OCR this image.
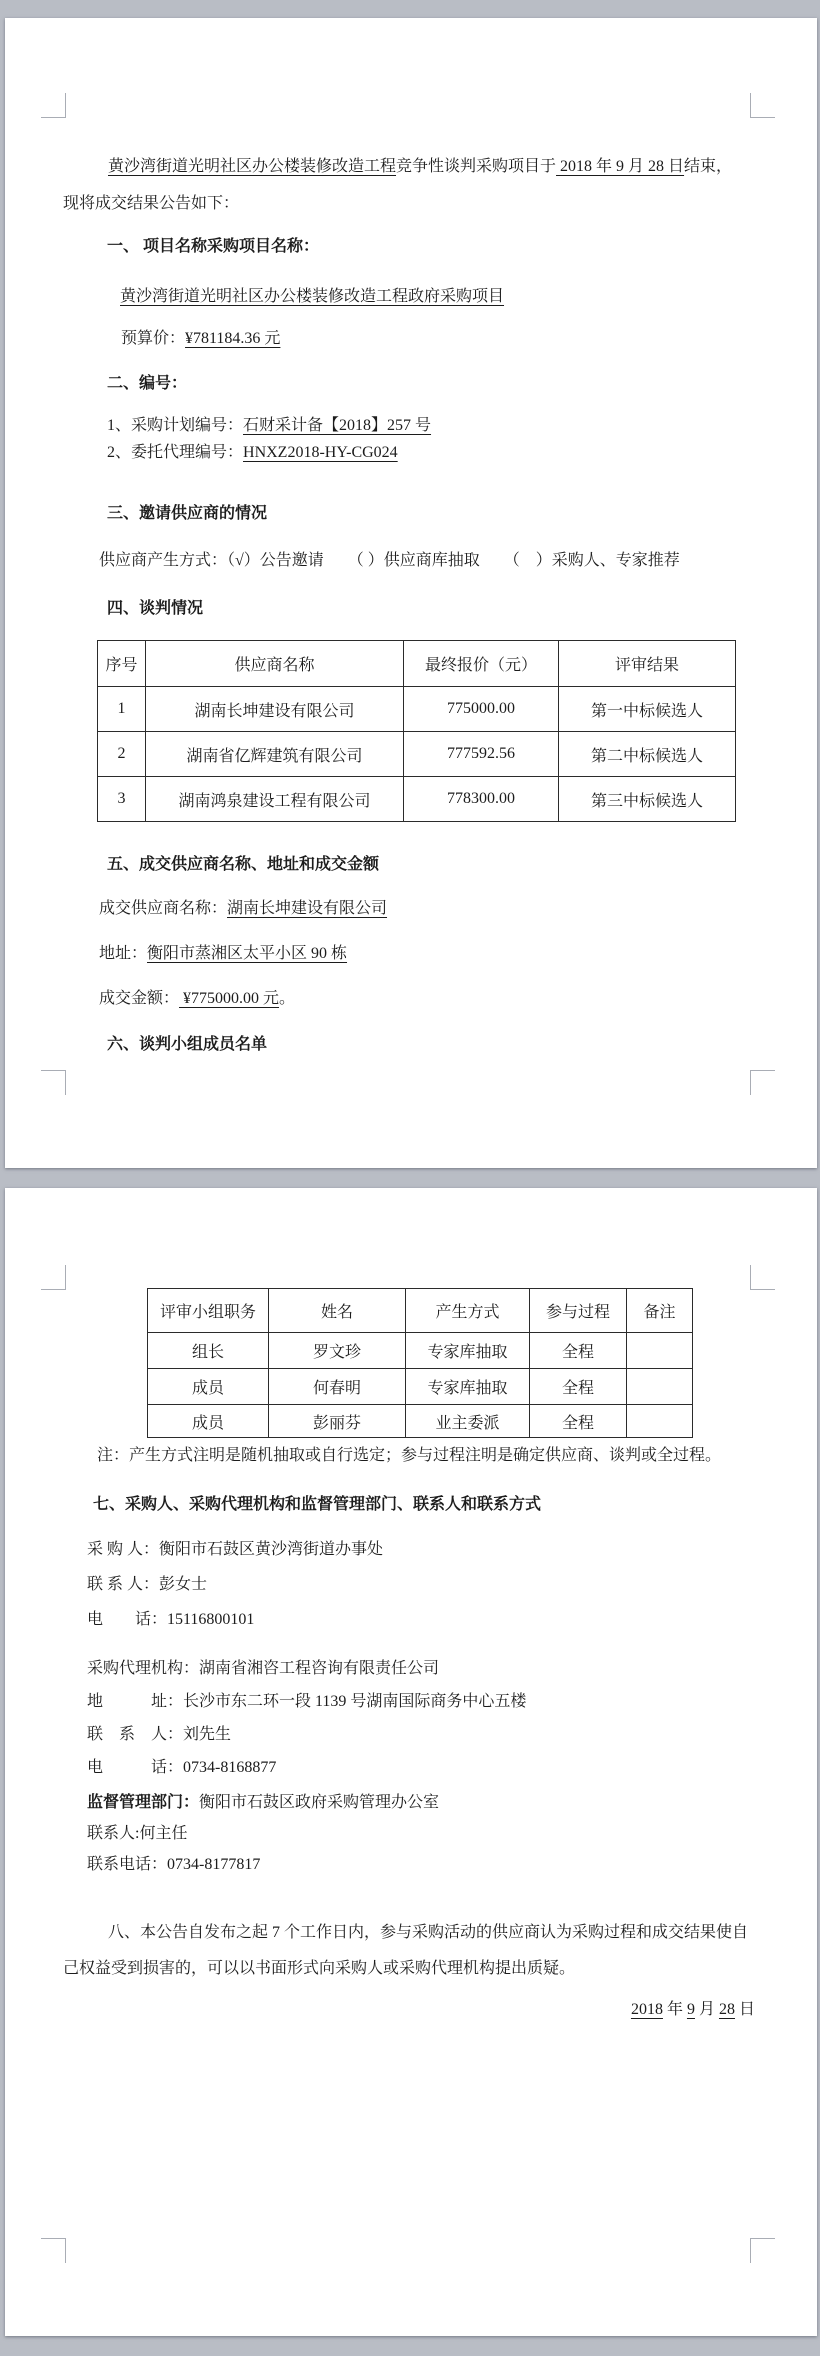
黄沙湾街道光明社区办公楼装修改造工程竞争性谈判采购项目于 2018 年 9 月 28 日结束，

现将成交结果公告如下：

一、 项目名称采购项目名称：

黄沙湾街道光明社区办公楼装修改造工程政府采购项目

预算价：¥781184.36 元

二、编号：

1、采购计划编号：石财采计备【2018】257 号

2、委托代理编号：HNXZ2018-HY-CG024

三、邀请供应商的情况

供应商产生方式：（√）公告邀请　　（ ）供应商库抽取　　（　）采购人、专家推荐

四、谈判情况

序号	供应商名称	最终报价（元）	评审结果
1	湖南长坤建设有限公司	775000.00	第一中标候选人
2	湖南省亿辉建筑有限公司	777592.56	第二中标候选人
3	湖南鸿泉建设工程有限公司	778300.00	第三中标候选人

五、成交供应商名称、地址和成交金额

成交供应商名称：湖南长坤建设有限公司

地址：衡阳市蒸湘区太平小区 90 栋

成交金额： ¥775000.00 元。

六、谈判小组成员名单

评审小组职务	姓名	产生方式	参与过程	备注
组长	罗文珍	专家库抽取	全程	
成员	何春明	专家库抽取	全程	
成员	彭丽芬	业主委派	全程	

注：产生方式注明是随机抽取或自行选定；参与过程注明是确定供应商、谈判或全过程。

七、采购人、采购代理机构和监督管理部门、联系人和联系方式

采 购 人：衡阳市石鼓区黄沙湾街道办事处

联 系 人：彭女士

电　　话：15116800101

采购代理机构：湖南省湘咨工程咨询有限责任公司

地　　　址：长沙市东二环一段 1139 号湖南国际商务中心五楼

联　系　人：刘先生

电　　　话：0734-8168877

监督管理部门：衡阳市石鼓区政府采购管理办公室

联系人:何主任

联系电话：0734-8177817

八、本公告自发布之起 7 个工作日内，参与采购活动的供应商认为采购过程和成交结果使自己权益受到损害的，可以以书面形式向采购人或采购代理机构提出质疑。

2018 年 9 月 28 日
